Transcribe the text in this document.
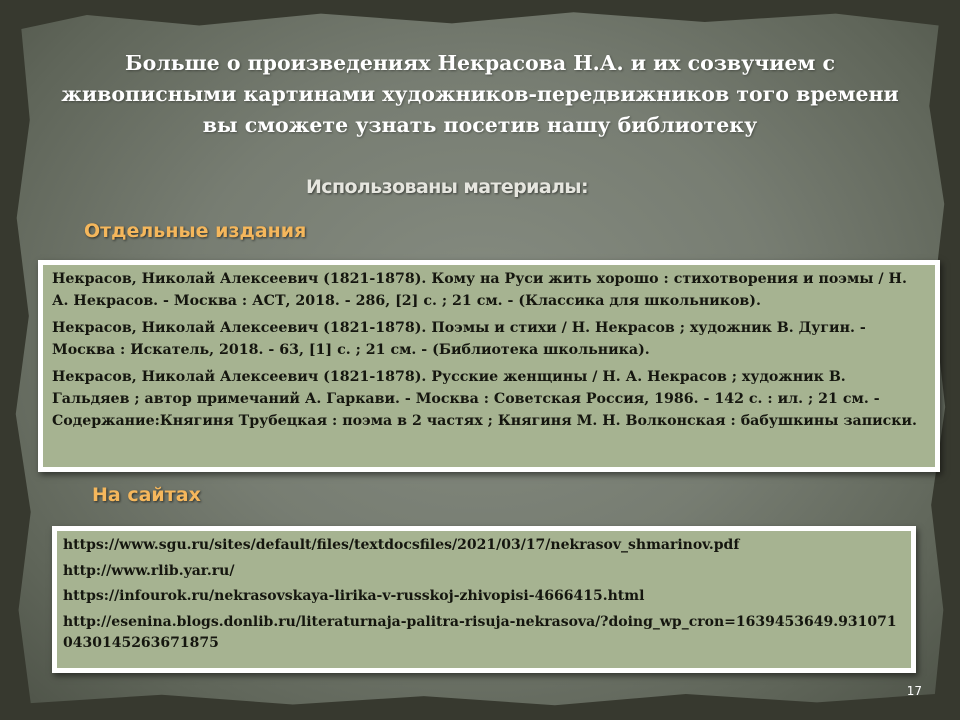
Больше о произведениях Некрасова Н.А. и их созвучием с живописными картинами художников-передвижников того времени вы сможете узнать посетив нашу библиотеку
Использованы материалы:
Отдельные издания

Некрасов, Николай Алексеевич (1821-1878). Кому на Руси жить хорошо : стихотворения и поэмы / Н. А. Некрасов. - Москва : АСТ, 2018. - 286, [2] с. ; 21 см. - (Классика для школьников).

Некрасов, Николай Алексеевич (1821-1878). Поэмы и стихи / Н. Некрасов ; художник В. Дугин. - Москва : Искатель, 2018. - 63, [1] с. ; 21 см. - (Библиотека школьника).

Некрасов, Николай Алексеевич (1821-1878). Русские женщины / Н. А. Некрасов ; художник В. Гальдяев ; автор примечаний А. Гаркави. - Москва : Советская Россия, 1986. - 142 с. : ил. ; 21 см. - Содержание:Княгиня Трубецкая : поэма в 2 частях ; Княгиня М. Н. Волконская : бабушкины записки.

На сайтах

https://www.sgu.ru/sites/default/files/textdocsfiles/2021/03/17/nekrasov_shmarinov.pdf

http://www.rlib.yar.ru/

https://infourok.ru/nekrasovskaya-lirika-v-russkoj-zhivopisi-4666415.html

http://esenina.blogs.donlib.ru/literaturnaja-palitra-risuja-nekrasova/?doing_wp_cron=1639453649.9310710430145263671875

17
